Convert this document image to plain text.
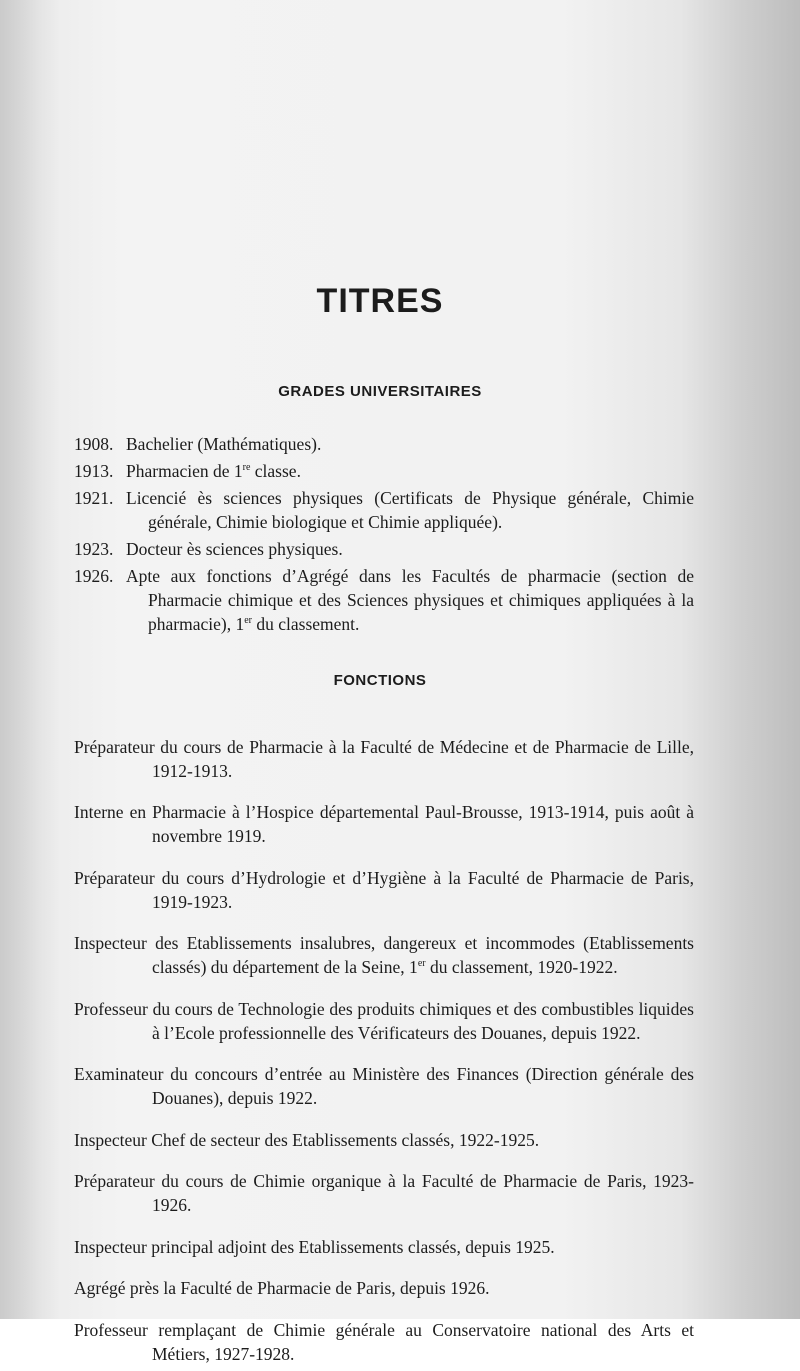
TITRES
GRADES UNIVERSITAIRES
1908. Bachelier (Mathématiques).
1913. Pharmacien de 1re classe.
1921. Licencié ès sciences physiques (Certificats de Physique générale, Chimie générale, Chimie biologique et Chimie appliquée).
1923. Docteur ès sciences physiques.
1926. Apte aux fonctions d’Agrégé dans les Facultés de pharmacie (section de Pharmacie chimique et des Sciences physiques et chimiques appliquées à la pharmacie), 1er du classement.
FONCTIONS

Préparateur du cours de Pharmacie à la Faculté de Médecine et de Pharmacie de Lille, 1912-1913.

Interne en Pharmacie à l’Hospice départemental Paul-Brousse, 1913-1914, puis août à novembre 1919.

Préparateur du cours d’Hydrologie et d’Hygiène à la Faculté de Pharmacie de Paris, 1919-1923.

Inspecteur des Etablissements insalubres, dangereux et incommodes (Etablissements classés) du département de la Seine, 1er du classement, 1920-1922.

Professeur du cours de Technologie des produits chimiques et des combustibles liquides à l’Ecole professionnelle des Vérificateurs des Douanes, depuis 1922.

Examinateur du concours d’entrée au Ministère des Finances (Direction générale des Douanes), depuis 1922.

Inspecteur Chef de secteur des Etablissements classés, 1922-1925.

Préparateur du cours de Chimie organique à la Faculté de Pharmacie de Paris, 1923-1926.

Inspecteur principal adjoint des Etablissements classés, depuis 1925.

Agrégé près la Faculté de Pharmacie de Paris, depuis 1926.

Professeur remplaçant de Chimie générale au Conservatoire national des Arts et Métiers, 1927-1928.
